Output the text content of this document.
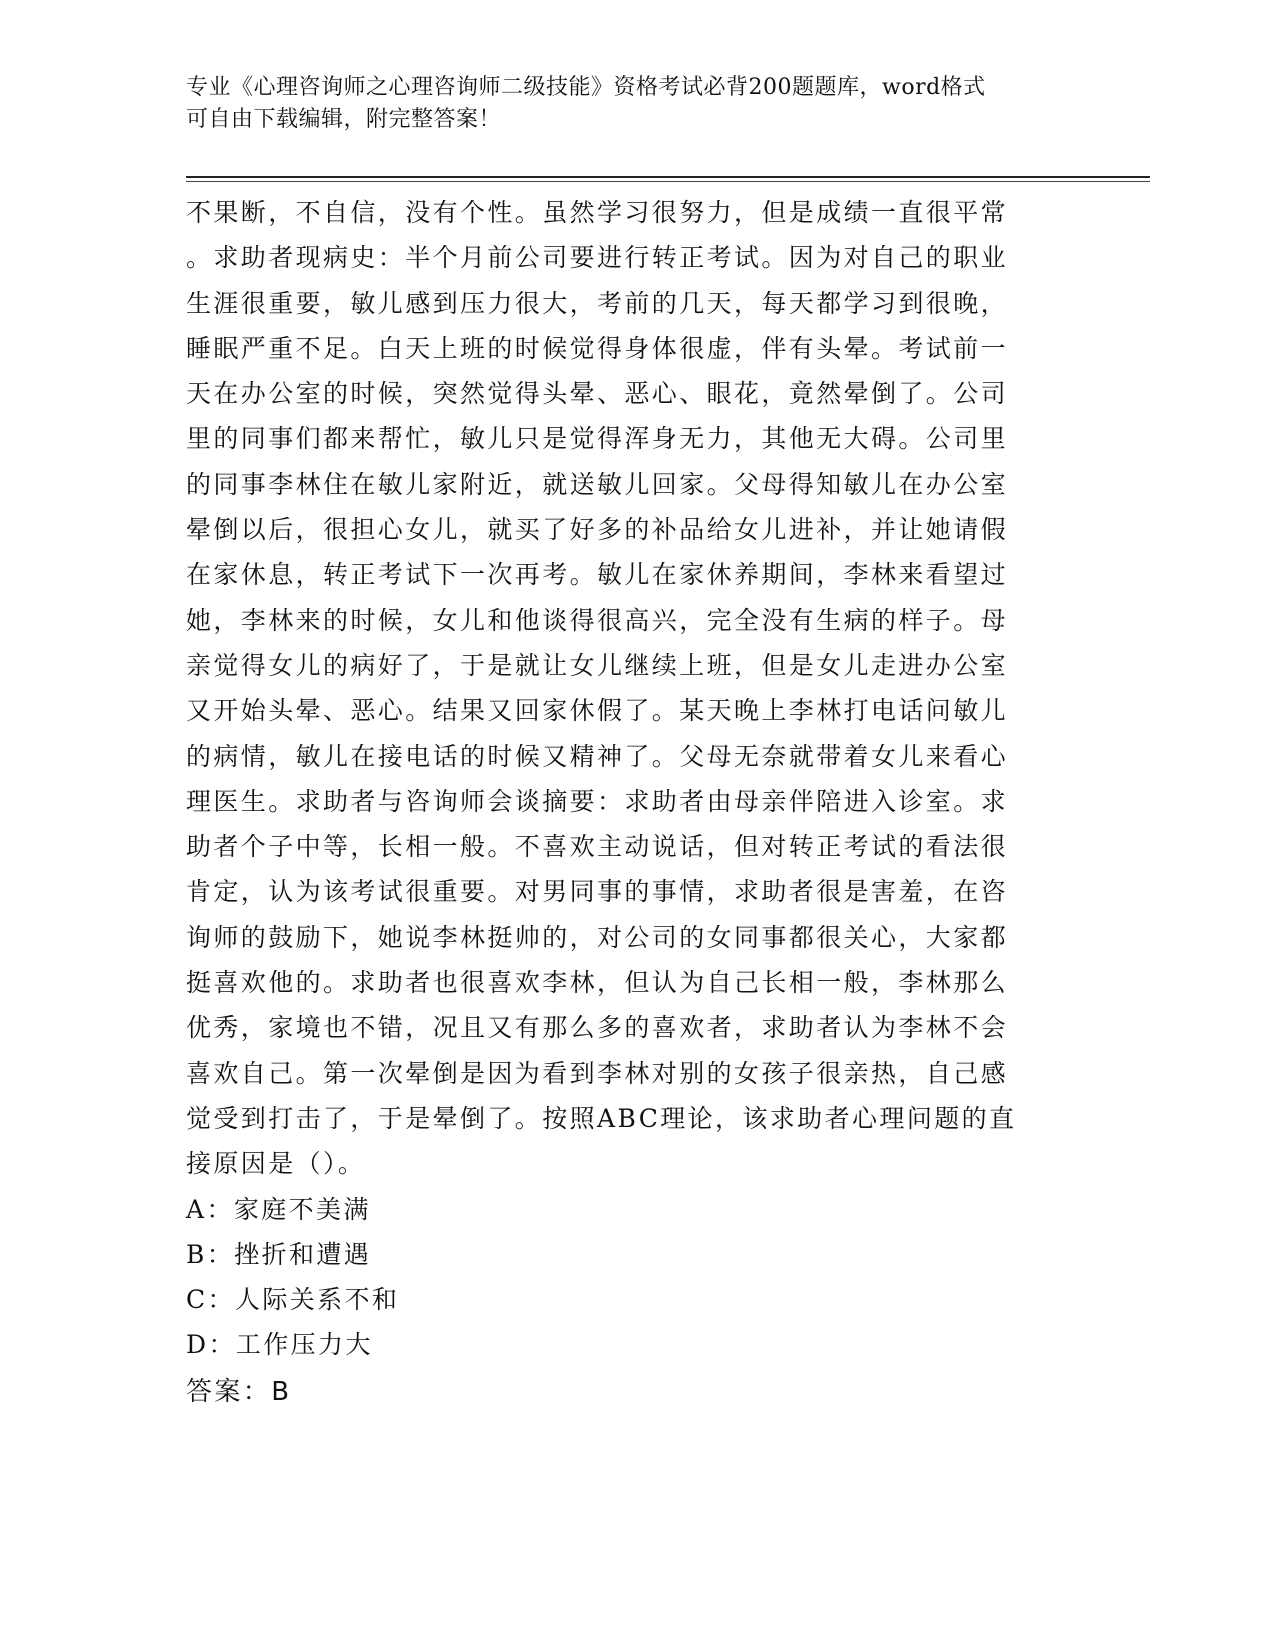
专业《心理咨询师之心理咨询师二级技能》资格考试必背200题题库，word格式
可自由下载编辑，附完整答案！
不果断，不自信，没有个性。虽然学习很努力，但是成绩一直很平常
。求助者现病史：半个月前公司要进行转正考试。因为对自己的职业
生涯很重要，敏儿感到压力很大，考前的几天，每天都学习到很晚，
睡眠严重不足。白天上班的时候觉得身体很虚，伴有头晕。考试前一
天在办公室的时候，突然觉得头晕、恶心、眼花，竟然晕倒了。公司
里的同事们都来帮忙，敏儿只是觉得浑身无力，其他无大碍。公司里
的同事李林住在敏儿家附近，就送敏儿回家。父母得知敏儿在办公室
晕倒以后，很担心女儿，就买了好多的补品给女儿进补，并让她请假
在家休息，转正考试下一次再考。敏儿在家休养期间，李林来看望过
她，李林来的时候，女儿和他谈得很高兴，完全没有生病的样子。母
亲觉得女儿的病好了，于是就让女儿继续上班，但是女儿走进办公室
又开始头晕、恶心。结果又回家休假了。某天晚上李林打电话问敏儿
的病情，敏儿在接电话的时候又精神了。父母无奈就带着女儿来看心
理医生。求助者与咨询师会谈摘要：求助者由母亲伴陪进入诊室。求
助者个子中等，长相一般。不喜欢主动说话，但对转正考试的看法很
肯定，认为该考试很重要。对男同事的事情，求助者很是害羞，在咨
询师的鼓励下，她说李林挺帅的，对公司的女同事都很关心，大家都
挺喜欢他的。求助者也很喜欢李林，但认为自己长相一般，李林那么
优秀，家境也不错，况且又有那么多的喜欢者，求助者认为李林不会
喜欢自己。第一次晕倒是因为看到李林对别的女孩子很亲热，自己感
觉受到打击了，于是晕倒了。按照ABC理论，该求助者心理问题的直
接原因是（）。
A：家庭不美满
B：挫折和遭遇
C：人际关系不和
D：工作压力大
答案：B
